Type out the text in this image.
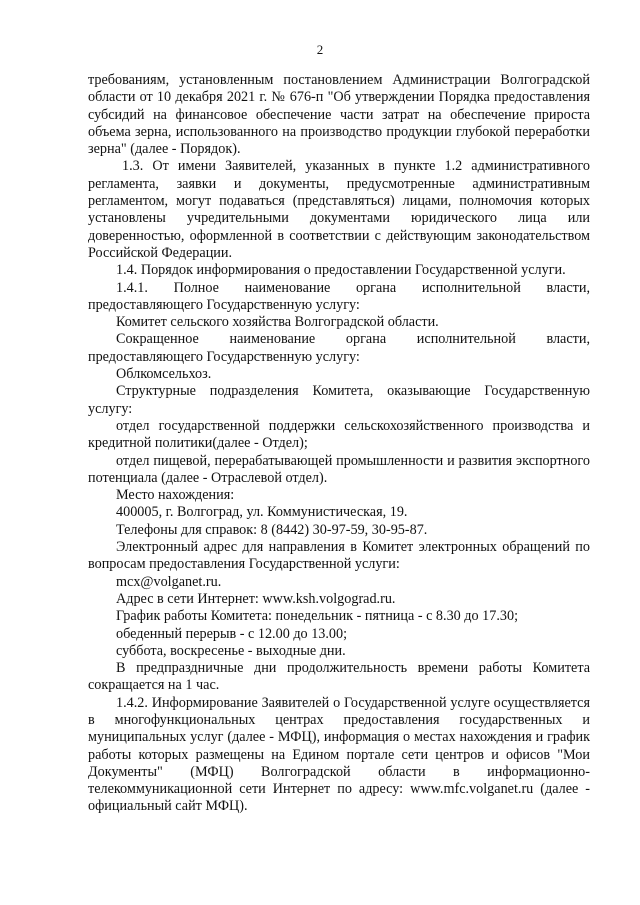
2

требованиям, установленным постановлением Администрации Волгоградской области от 10 декабря 2021 г. № 676-п "Об утверждении Порядка предоставления субсидий на финансовое обеспечение части затрат на обеспечение прироста объема зерна, использованного на производство продукции глубокой переработки зерна" (далее - Порядок).

1.3. От имени Заявителей, указанных в пункте 1.2 административного регламента, заявки и документы, предусмотренные административным регламентом, могут подаваться (представляться) лицами, полномочия которых установлены учредительными документами юридического лица или доверенностью, оформленной в соответствии с действующим законодательством Российской Федерации.

1.4. Порядок информирования о предоставлении Государственной услуги.

1.4.1. Полное наименование органа исполнительной власти, предоставляющего Государственную услугу:

Комитет сельского хозяйства Волгоградской области.

Сокращенное наименование органа исполнительной власти, предоставляющего Государственную услугу:

Облкомсельхоз.

Структурные подразделения Комитета, оказывающие Государственную услугу:

отдел государственной поддержки сельскохозяйственного производства и кредитной политики(далее - Отдел);

отдел пищевой, перерабатывающей промышленности и развития экспортного потенциала (далее - Отраслевой отдел).

Место нахождения:

400005, г. Волгоград, ул. Коммунистическая, 19.

Телефоны для справок: 8 (8442) 30-97-59, 30-95-87.

Электронный адрес для направления в Комитет электронных обращений по вопросам предоставления Государственной услуги:

mcx@volganet.ru.

Адрес в сети Интернет: www.ksh.volgograd.ru.

График работы Комитета: понедельник - пятница - с 8.30 до 17.30;

обеденный перерыв - с 12.00 до 13.00;

суббота, воскресенье - выходные дни.

В предпраздничные дни продолжительность времени работы Комитета сокращается на 1 час.

1.4.2. Информирование Заявителей о Государственной услуге осуществляется в многофункциональных центрах предоставления государственных и муниципальных услуг (далее - МФЦ), информация о местах нахождения и график работы которых размещены на Едином портале сети центров и офисов "Мои Документы" (МФЦ) Волгоградской области в информационно-телекоммуникационной сети Интернет по адресу: www.mfc.volganet.ru (далее - официальный сайт МФЦ).
